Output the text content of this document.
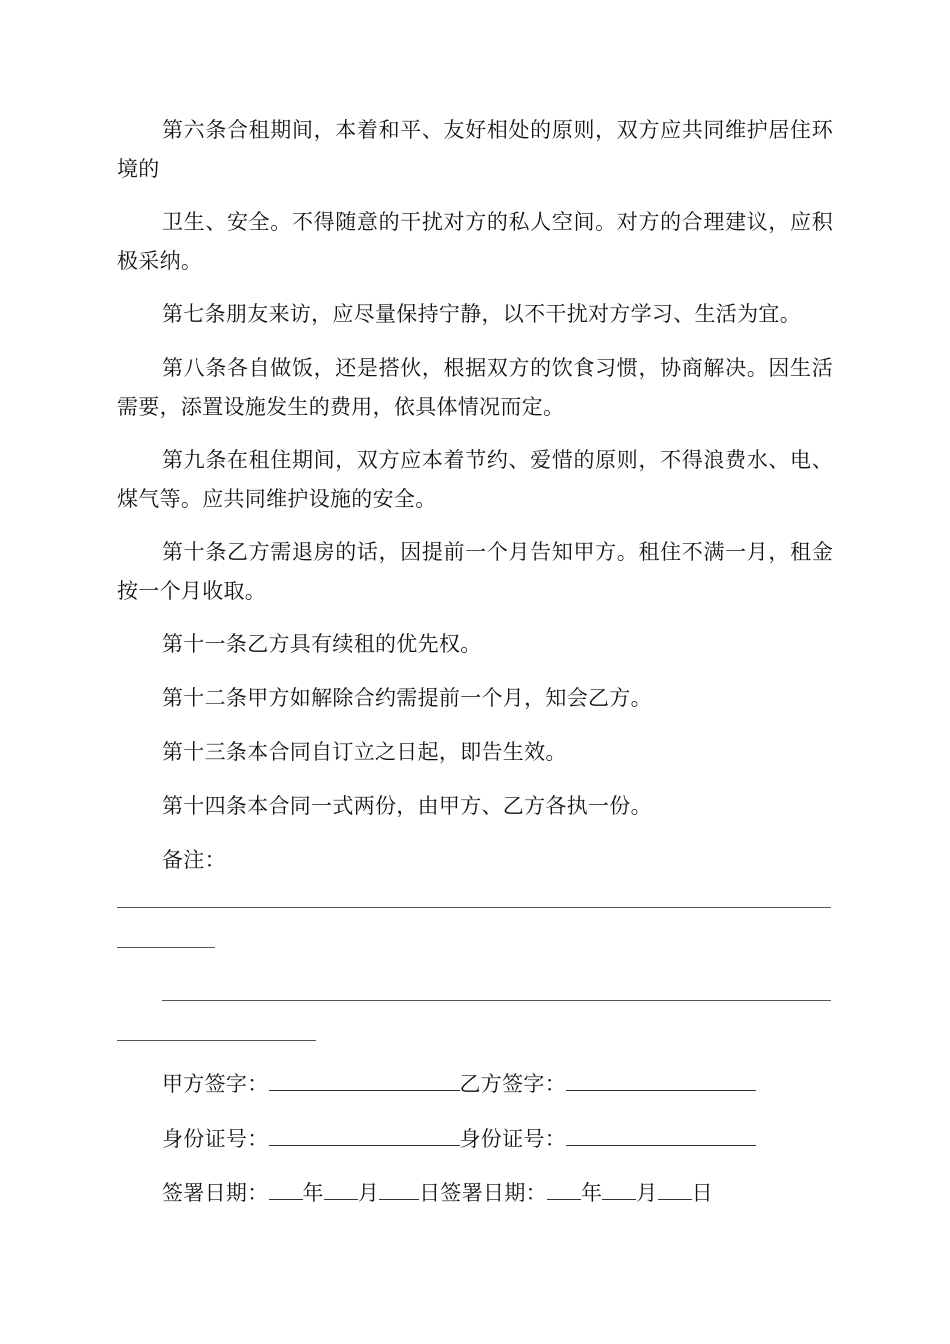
第六条合租期间，本着和平、友好相处的原则，双方应共同维护居住环境的

卫生、安全。不得随意的干扰对方的私人空间。对方的合理建议，应积极采纳。

第七条朋友来访，应尽量保持宁静，以不干扰对方学习、生活为宜。

第八条各自做饭，还是搭伙，根据双方的饮食习惯，协商解决。因生活需要，添置设施发生的费用，依具体情况而定。

第九条在租住期间，双方应本着节约、爱惜的原则，不得浪费水、电、煤气等。应共同维护设施的安全。

第十条乙方需退房的话，因提前一个月告知甲方。租住不满一月，租金按一个月收取。

第十一条乙方具有续租的优先权。

第十二条甲方如解除合约需提前一个月，知会乙方。

第十三条本合同自订立之日起，即告生效。

第十四条本合同一式两份，由甲方、乙方各执一份。

备注：

甲方签字：	乙方签字：
身份证号：	身份证号：
签署日期： 年 月 日签署日期： 年 月 日
